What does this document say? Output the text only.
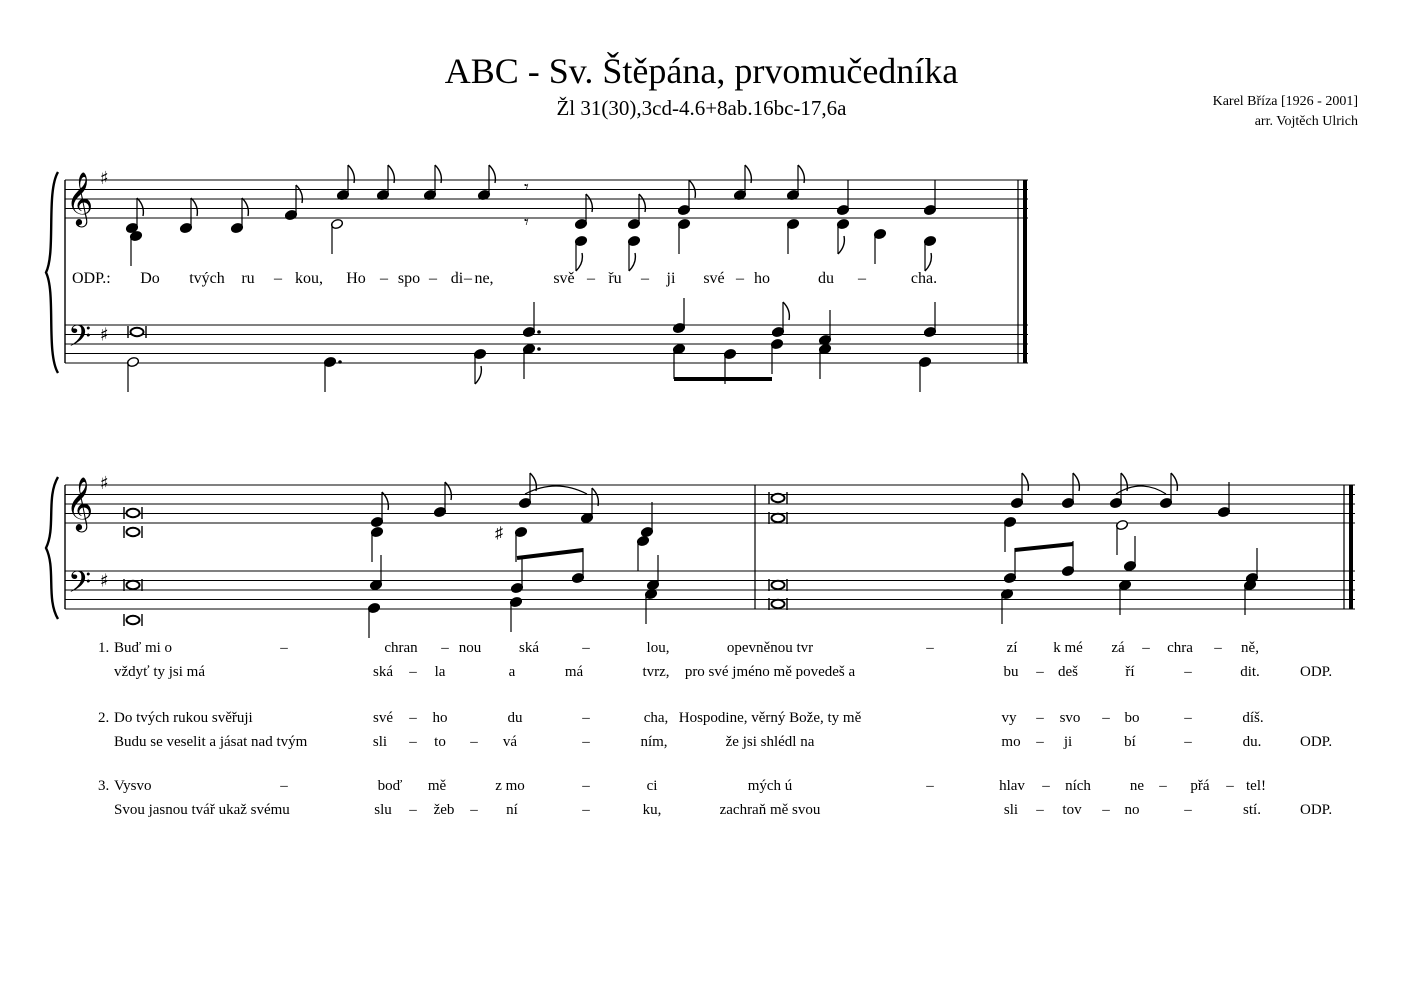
ABC - Sv. Štěpána, prvomučedníka
Žl 31(30),3cd-4.6+8ab.16bc-17,6a	Karel Bříza [1926 - 2001]
arr. Vojtěch Ulrich
𝄞
𝄢
♯
♯
𝄞
𝄢
♯
♯
𝄾
𝄾
ODP.: Do tvých ru – kou, Ho – spo – di – ne,	svě – řu – ji své – ho	du –	cha.
♯
1. Buď mi o	–	chran – nou	ská	–	lou,	opevněnou tvr	–	zí k mé zá – chra – ně,
vždyť ty jsi má	ská – la	a	má	tvrz, pro své jméno mě povedeš a	bu – deš	ří	–	dit.	ODP.
2. Do tvých rukou svěřuji	své – ho	du	–	cha, Hospodine, věrný Bože, ty mě	vy – svo – bo	–	díš.
Budu se veselit a jásat nad tvým	sli – to – vá	–	ním,	že jsi shlédl na	mo – ji	bí	–	du.	ODP.
3. Vysvo	–	boď mě	z mo	–	ci	mých ú	–	hlav – ních	ne – přá – tel!
Svou jasnou tvář ukaž svému	slu – žeb – ní	–	ku,	zachraň mě svou	sli – tov – no	–	stí.	ODP.
